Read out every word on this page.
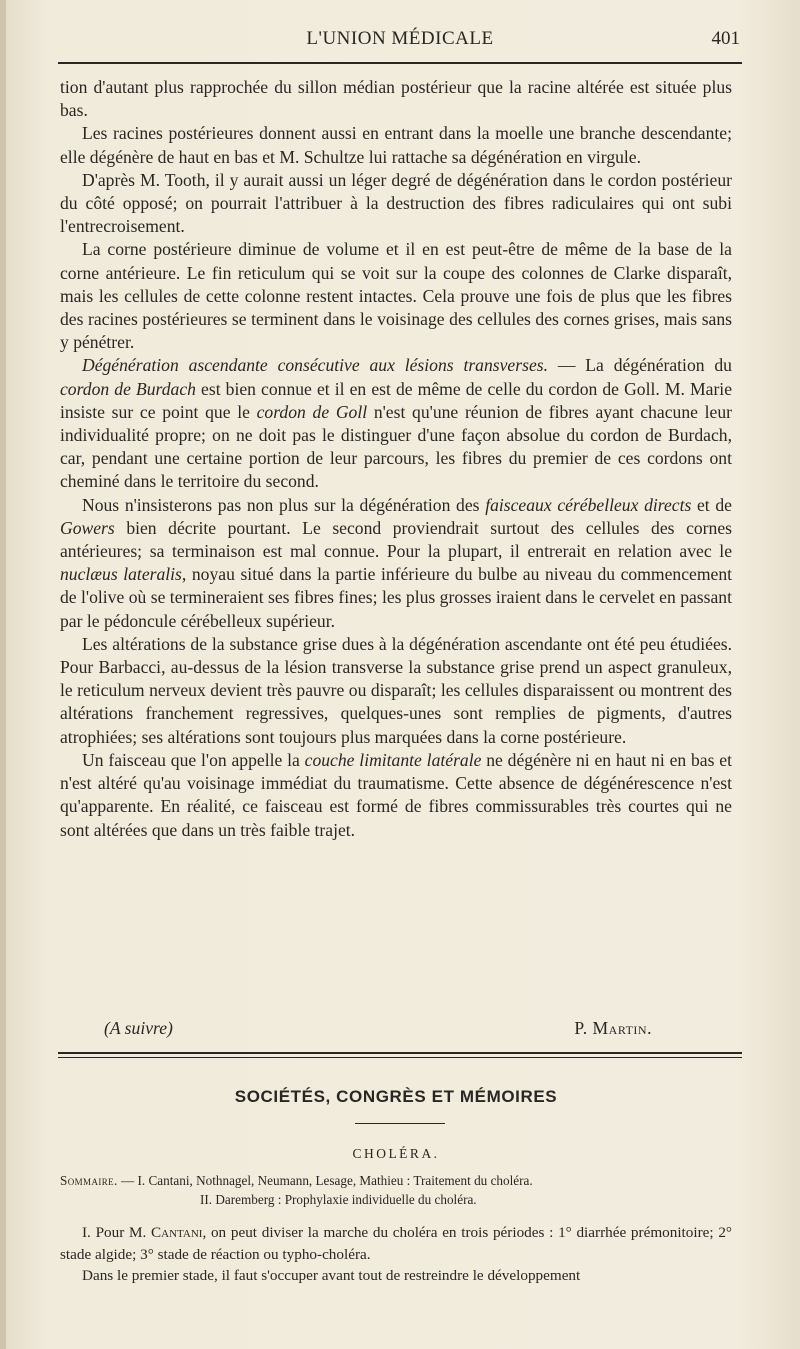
L'UNION MÉDICALE	401

tion d'autant plus rapprochée du sillon médian postérieur que la racine altérée est située plus bas.

Les racines postérieures donnent aussi en entrant dans la moelle une branche descendante; elle dégénère de haut en bas et M. Schultze lui rattache sa dégénération en virgule.

D'après M. Tooth, il y aurait aussi un léger degré de dégénération dans le cordon postérieur du côté opposé; on pourrait l'attribuer à la destruction des fibres radiculaires qui ont subi l'entrecroisement.

La corne postérieure diminue de volume et il en est peut-être de même de la base de la corne antérieure. Le fin reticulum qui se voit sur la coupe des colonnes de Clarke disparaît, mais les cellules de cette colonne restent intactes. Cela prouve une fois de plus que les fibres des racines postérieures se terminent dans le voisinage des cellules des cornes grises, mais sans y pénétrer.

Dégénération ascendante consécutive aux lésions transverses. — La dégénération du cordon de Burdach est bien connue et il en est de même de celle du cordon de Goll. M. Marie insiste sur ce point que le cordon de Goll n'est qu'une réunion de fibres ayant chacune leur individualité propre; on ne doit pas le distinguer d'une façon absolue du cordon de Burdach, car, pendant une certaine portion de leur parcours, les fibres du premier de ces cordons ont cheminé dans le territoire du second.

Nous n'insisterons pas non plus sur la dégénération des faisceaux cérébelleux directs et de Gowers bien décrite pourtant. Le second proviendrait surtout des cellules des cornes antérieures; sa terminaison est mal connue. Pour la plupart, il entrerait en relation avec le nuclæus lateralis, noyau situé dans la partie inférieure du bulbe au niveau du commencement de l'olive où se termineraient ses fibres fines; les plus grosses iraient dans le cervelet en passant par le pédoncule cérébelleux supérieur.

Les altérations de la substance grise dues à la dégénération ascendante ont été peu étudiées. Pour Barbacci, au-dessus de la lésion transverse la substance grise prend un aspect granuleux, le reticulum nerveux devient très pauvre ou disparaît; les cellules disparaissent ou montrent des altérations franchement regressives, quelques-unes sont remplies de pigments, d'autres atrophiées; ses altérations sont toujours plus marquées dans la corne postérieure.

Un faisceau que l'on appelle la couche limitante latérale ne dégénère ni en haut ni en bas et n'est altéré qu'au voisinage immédiat du traumatisme. Cette absence de dégénérescence n'est qu'apparente. En réalité, ce faisceau est formé de fibres commissurables très courtes qui ne sont altérées que dans un très faible trajet.

(A suivre)	P. Martin.
SOCIÉTÉS, CONGRÈS ET MÉMOIRES
CHOLÉRA.
Sommaire. — I. Cantani, Nothnagel, Neumann, Lesage, Mathieu : Traitement du choléra.
II. Daremberg : Prophylaxie individuelle du choléra.

I. Pour M. Cantani, on peut diviser la marche du choléra en trois périodes : 1° diarrhée prémonitoire; 2° stade algide; 3° stade de réaction ou typho-choléra.

Dans le premier stade, il faut s'occuper avant tout de restreindre le développement
